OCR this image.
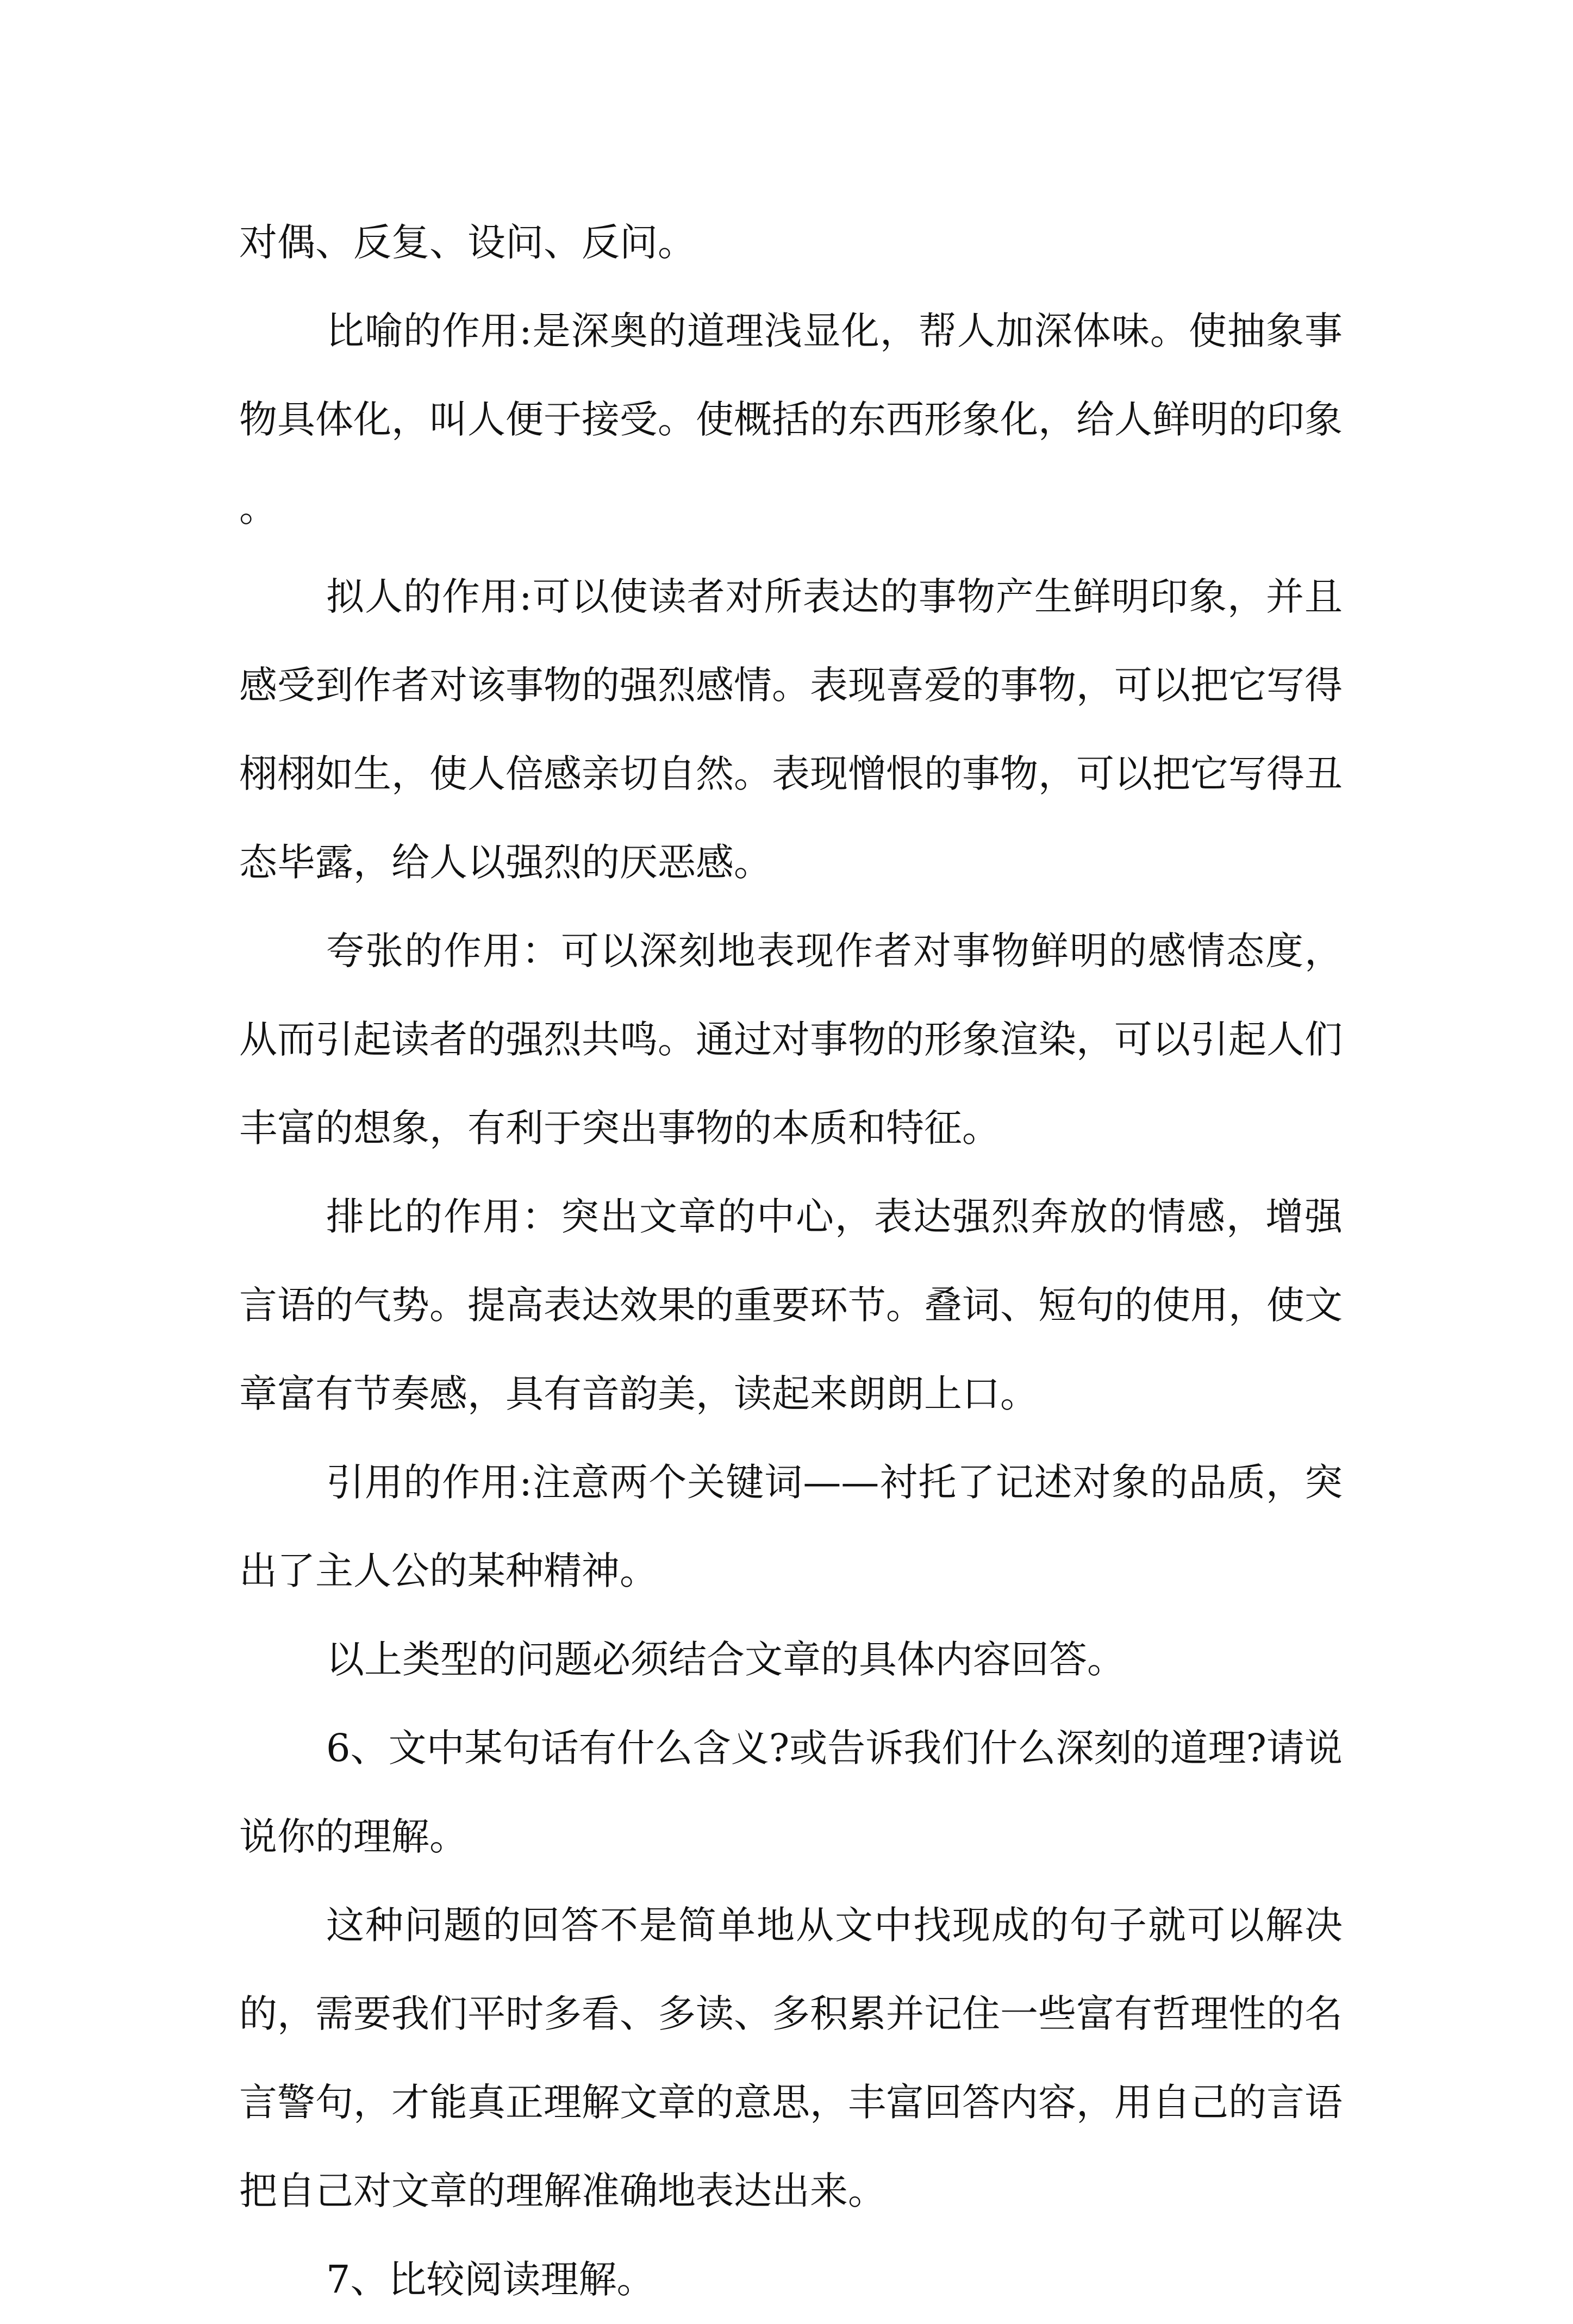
对偶、反复、设问、反问。

比喻的作用:是深奥的道理浅显化，帮人加深体味。使抽象事物具体化，叫人便于接受。使概括的东西形象化，给人鲜明的印象。

拟人的作用:可以使读者对所表达的事物产生鲜明印象，并且感受到作者对该事物的强烈感情。表现喜爱的事物，可以把它写得栩栩如生，使人倍感亲切自然。表现憎恨的事物，可以把它写得丑态毕露，给人以强烈的厌恶感。

夸张的作用：可以深刻地表现作者对事物鲜明的感情态度，从而引起读者的强烈共鸣。通过对事物的形象渲染，可以引起人们丰富的想象，有利于突出事物的本质和特征。

排比的作用：突出文章的中心，表达强烈奔放的情感，增强言语的气势。提高表达效果的重要环节。叠词、短句的使用，使文章富有节奏感，具有音韵美，读起来朗朗上口。

引用的作用:注意两个关键词——衬托了记述对象的品质，突出了主人公的某种精神。

以上类型的问题必须结合文章的具体内容回答。

6、文中某句话有什么含义?或告诉我们什么深刻的道理?请说说你的理解。

这种问题的回答不是简单地从文中找现成的句子就可以解决的，需要我们平时多看、多读、多积累并记住一些富有哲理性的名言警句，才能真正理解文章的意思，丰富回答内容，用自己的言语把自己对文章的理解准确地表达出来。

7、比较阅读理解。
